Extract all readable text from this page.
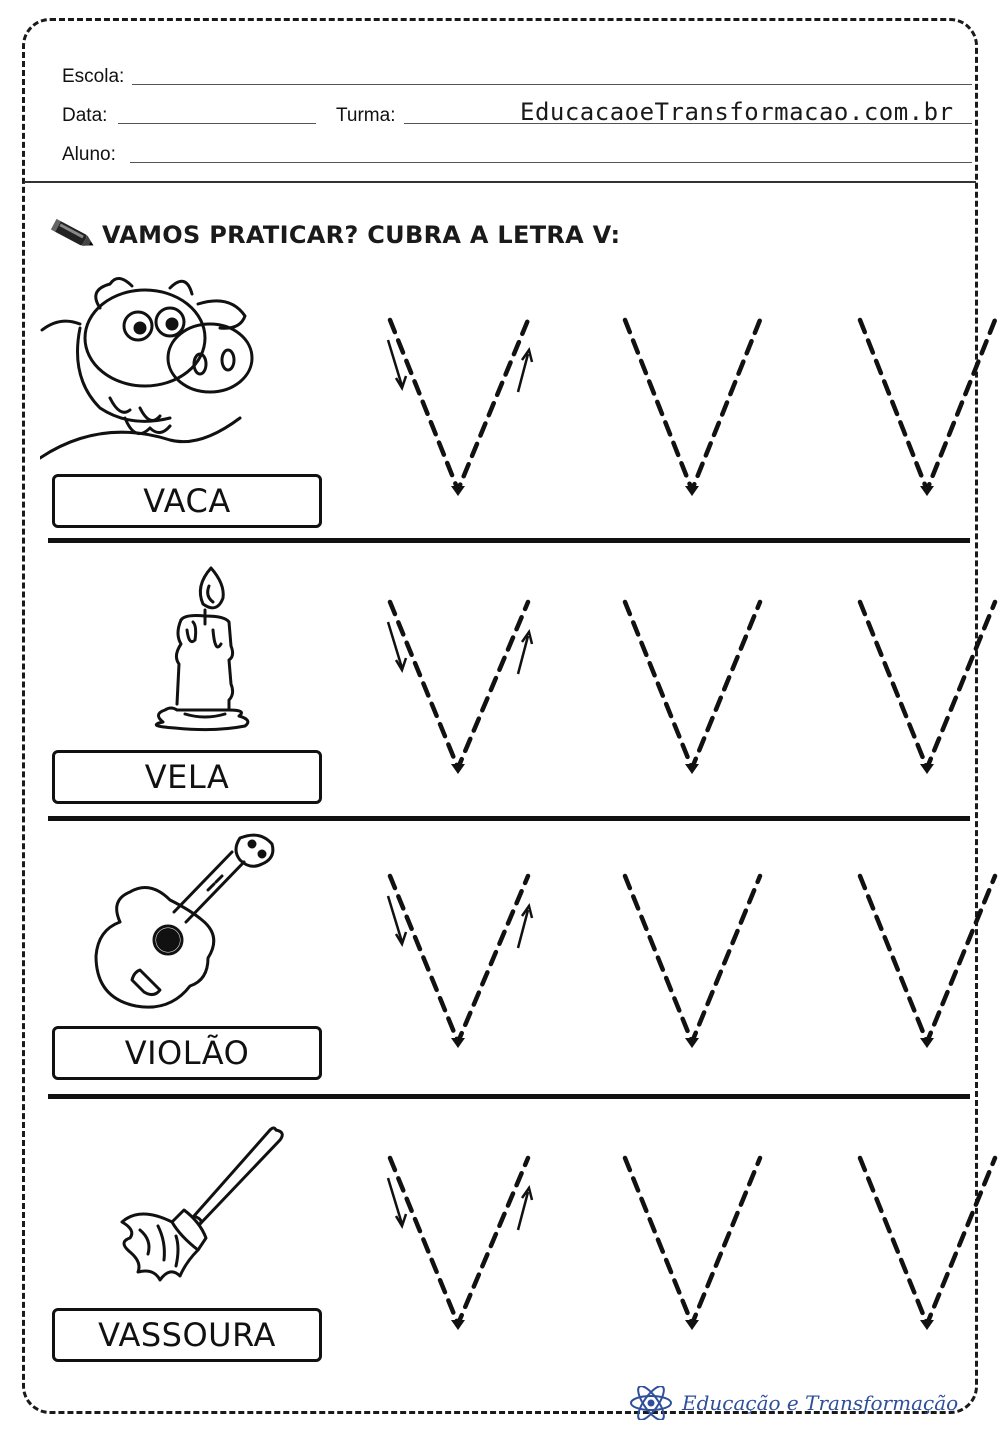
Escola:
Data:	Turma:	EducacaoeTransformacao.com.br
Aluno:
VAMOS PRATICAR? CUBRA A LETRA V:
VACA
VELA
VIOLÃO
VASSOURA
Educação e Transformação
